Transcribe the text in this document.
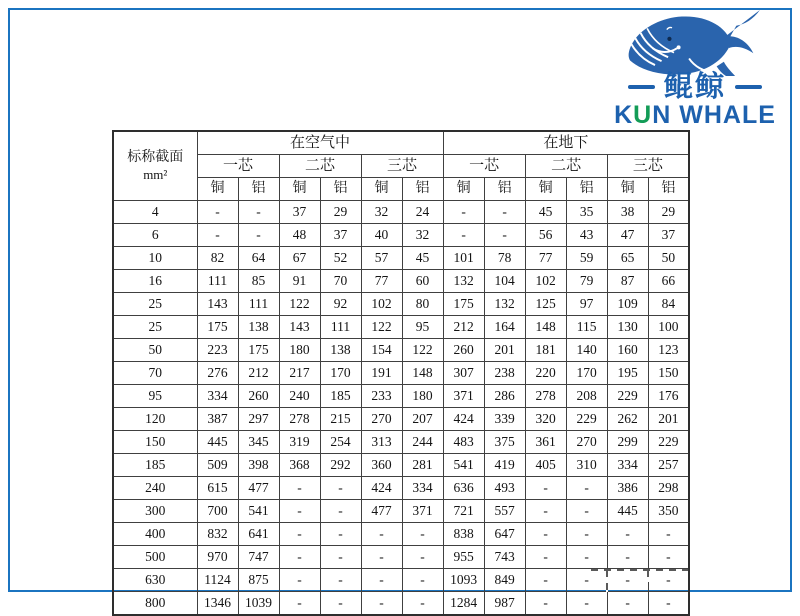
鲲鲸
KUN WHALE
标称截面
mm²	在空气中						在地下					
	一芯		二芯		三芯		一芯		二芯		三芯	
	铜	铝	铜	铝	铜	铝	铜	铝	铜	铝	铜	铝
4	-	-	37	29	32	24	-	-	45	35	38	29
6	-	-	48	37	40	32	-	-	56	43	47	37
10	82	64	67	52	57	45	101	78	77	59	65	50
16	111	85	91	70	77	60	132	104	102	79	87	66
25	143	111	122	92	102	80	175	132	125	97	109	84
25	175	138	143	111	122	95	212	164	148	115	130	100
50	223	175	180	138	154	122	260	201	181	140	160	123
70	276	212	217	170	191	148	307	238	220	170	195	150
95	334	260	240	185	233	180	371	286	278	208	229	176
120	387	297	278	215	270	207	424	339	320	229	262	201
150	445	345	319	254	313	244	483	375	361	270	299	229
185	509	398	368	292	360	281	541	419	405	310	334	257
240	615	477	-	-	424	334	636	493	-	-	386	298
300	700	541	-	-	477	371	721	557	-	-	445	350
400	832	641	-	-	-	-	838	647	-	-	-	-
500	970	747	-	-	-	-	955	743	-	-	-	-
630	1124	875	-	-	-	-	1093	849	-	-	-	-
800	1346	1039	-	-	-	-	1284	987	-	-	-	-
